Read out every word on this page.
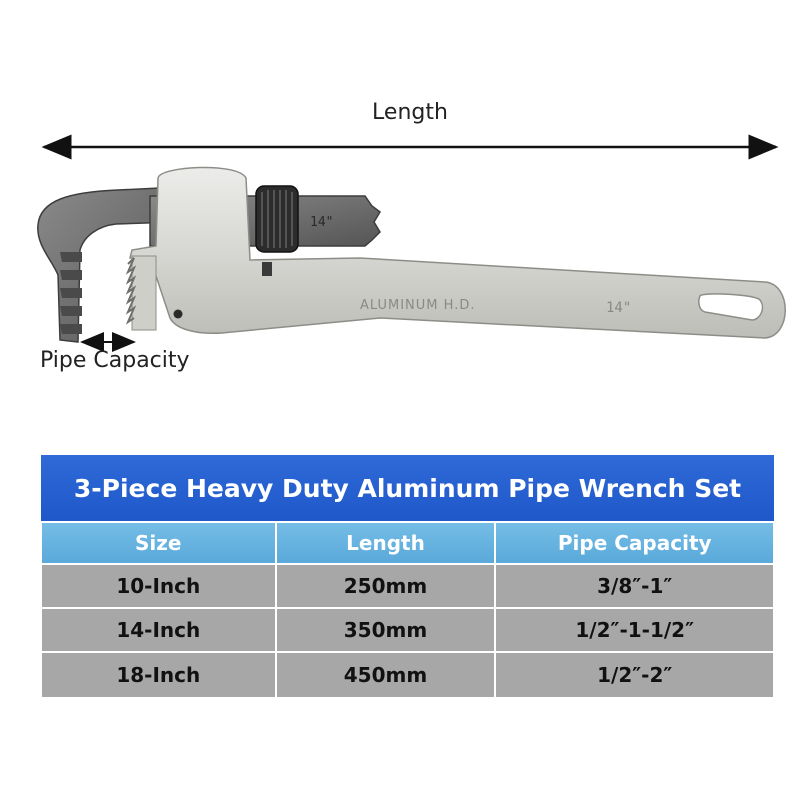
Length
14"
ALUMINUM H.D.	14"
Pipe Capacity
3-Piece Heavy Duty Aluminum Pipe Wrench Set		
Size	Length	Pipe Capacity
10-Inch	250mm	3/8″-1″
14-Inch	350mm	1/2″-1-1/2″
18-Inch	450mm	1/2″-2″
